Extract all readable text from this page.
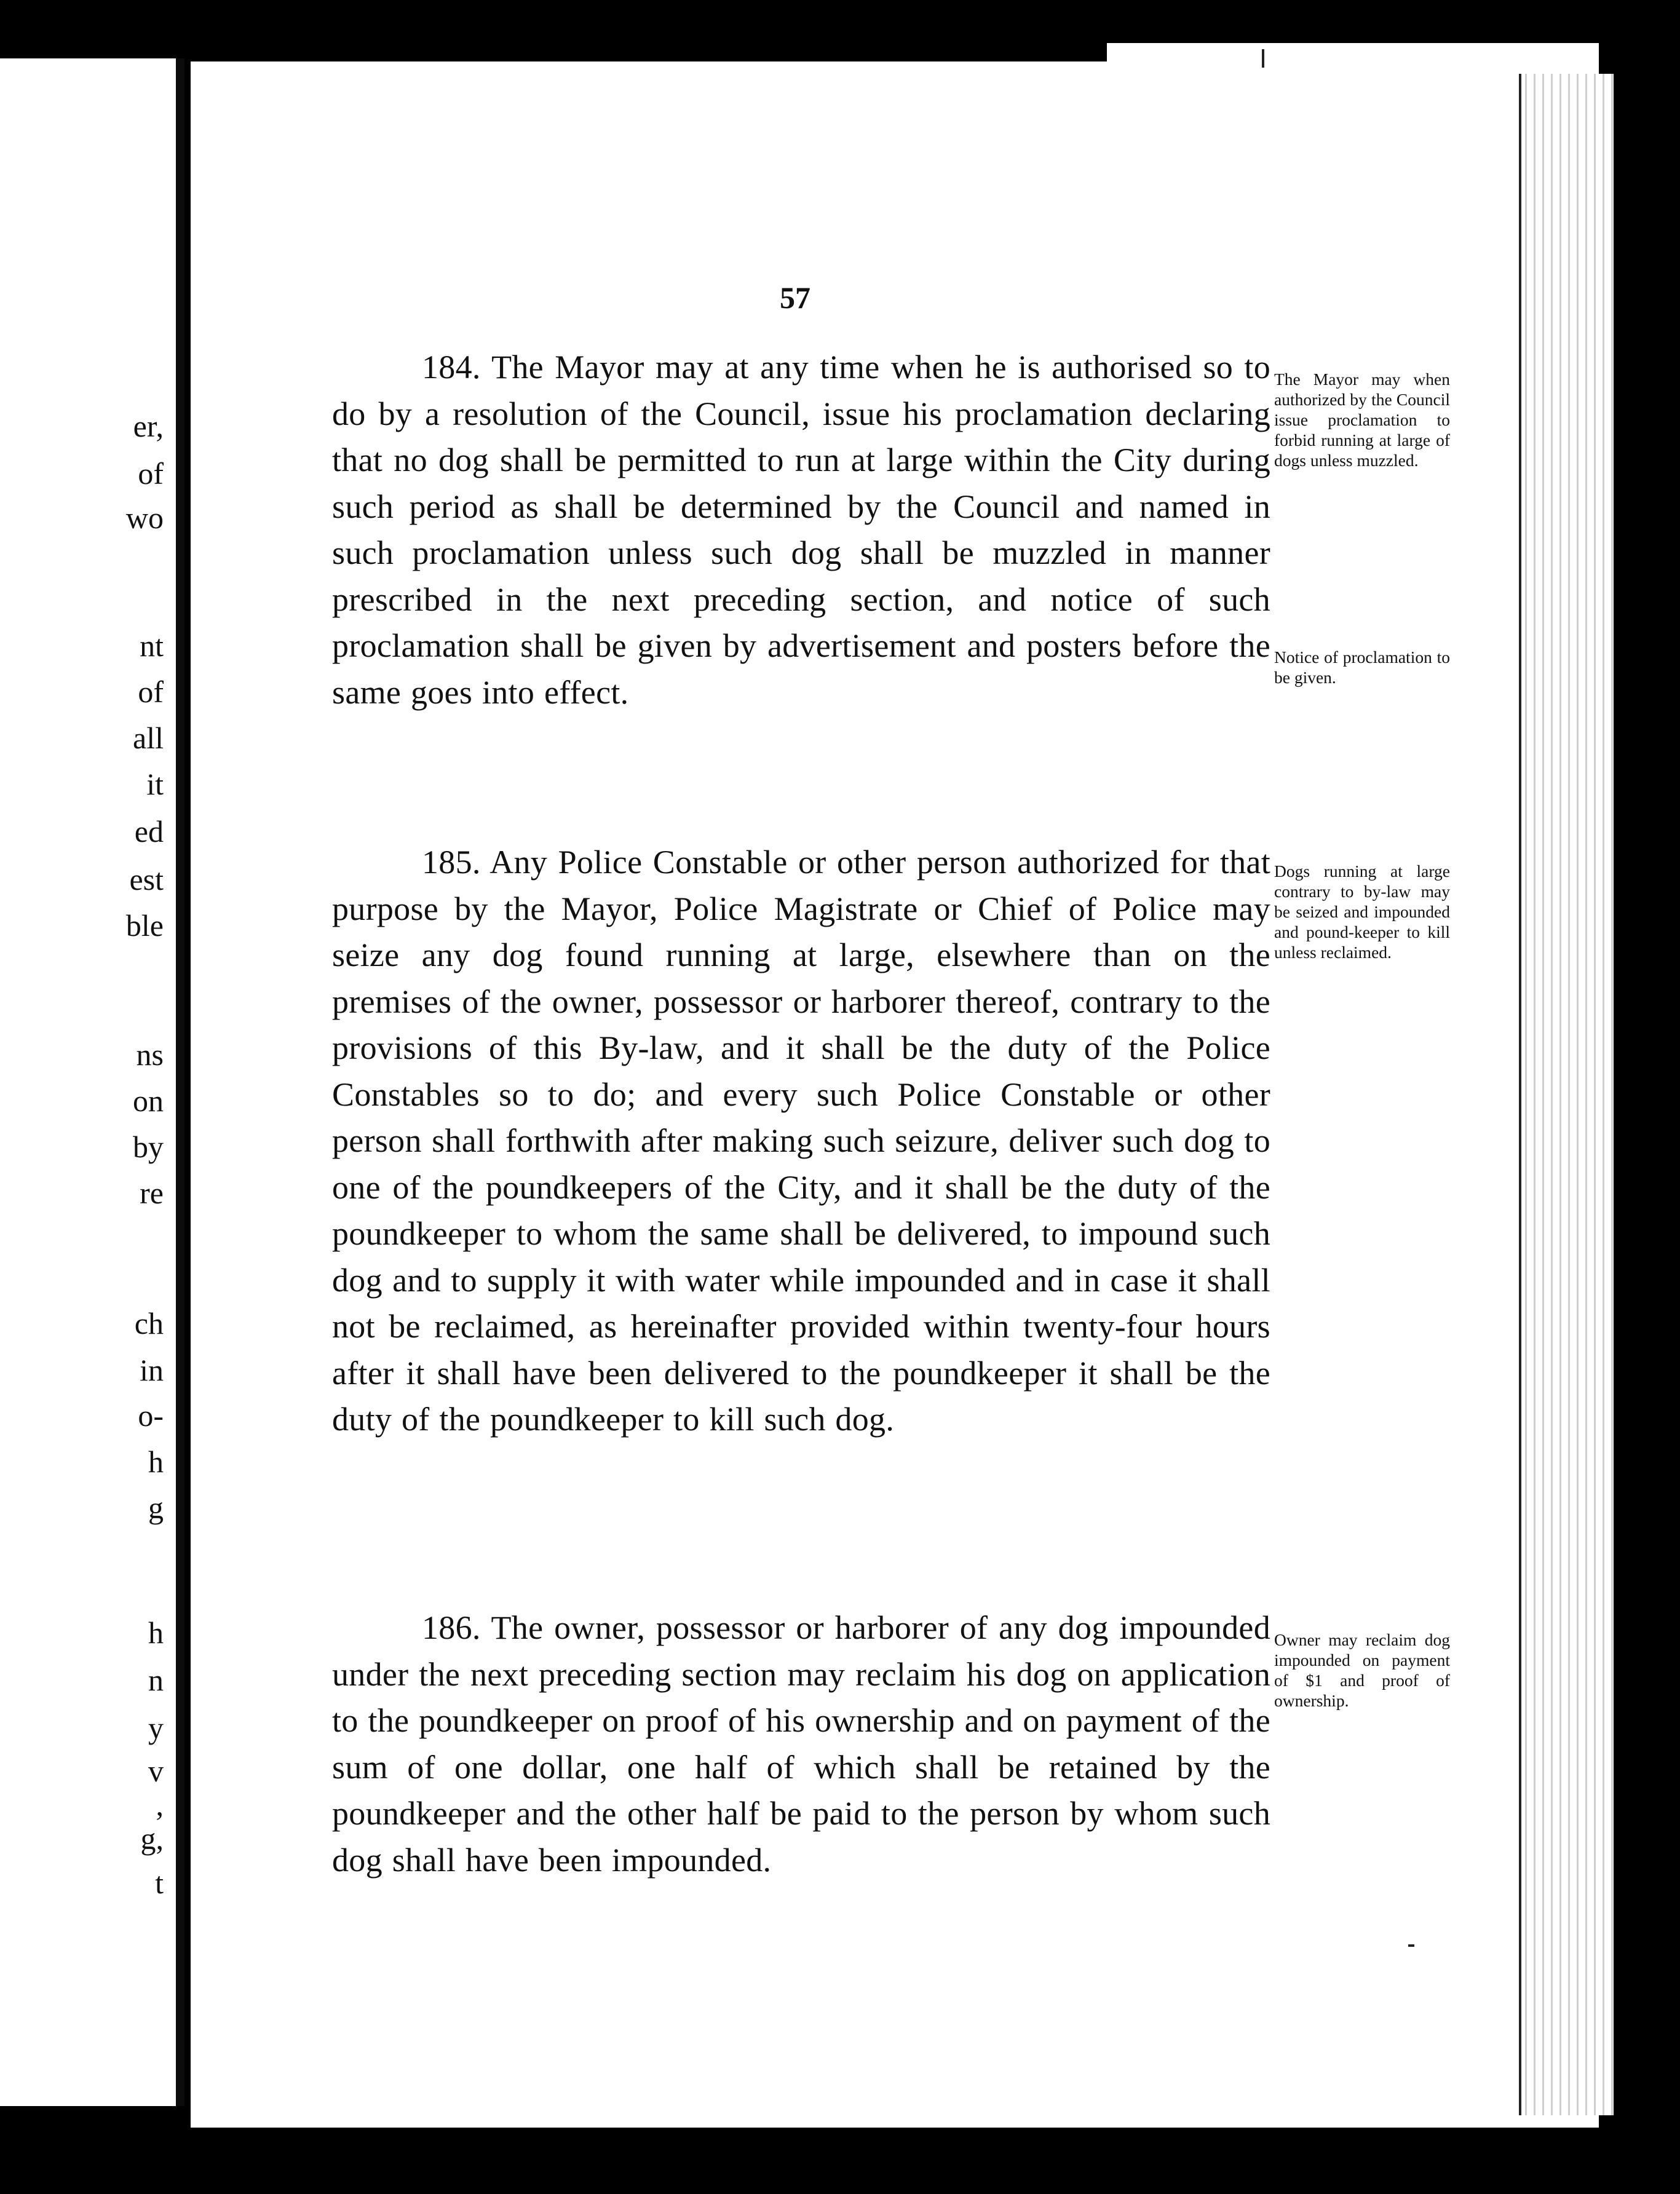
er,

of

wo

nt

of

all

it

ed

est

ble

ns

on

by

re

ch

in

o-

h

g

h

n

y

v

,

g,

t

57

184. The Mayor may at any time when he is authorised so to do by a resolution of the Council, issue his proclamation declaring that no dog shall be permitted to run at large within the City during such period as shall be determined by the Council and named in such proclamation unless such dog shall be muzzled in manner prescribed in the next preceding section, and notice of such proclamation shall be given by advertisement and posters before the same goes into effect.

The Mayor may when authorized by the Council issue proclamation to forbid running at large of dogs unless muzzled.

Notice of proclamation to be given.

185. Any Police Constable or other person authorized for that purpose by the Mayor, Police Magistrate or Chief of Police may seize any dog found running at large, elsewhere than on the premises of the owner, possessor or harborer thereof, contrary to the provisions of this By-law, and it shall be the duty of the Police Constables so to do; and every such Police Constable or other person shall forthwith after making such seizure, deliver such dog to one of the poundkeepers of the City, and it shall be the duty of the poundkeeper to whom the same shall be delivered, to impound such dog and to supply it with water while impounded and in case it shall not be reclaimed, as hereinafter provided within twenty-four hours after it shall have been delivered to the poundkeeper it shall be the duty of the poundkeeper to kill such dog.

Dogs running at large contrary to by-law may be seized and impounded and pound-keeper to kill unless reclaimed.

186. The owner, possessor or harborer of any dog impounded under the next preceding section may reclaim his dog on application to the poundkeeper on proof of his ownership and on payment of the sum of one dollar, one half of which shall be retained by the poundkeeper and the other half be paid to the person by whom such dog shall have been impounded.

Owner may reclaim dog impounded on payment of $1 and proof of ownership.
